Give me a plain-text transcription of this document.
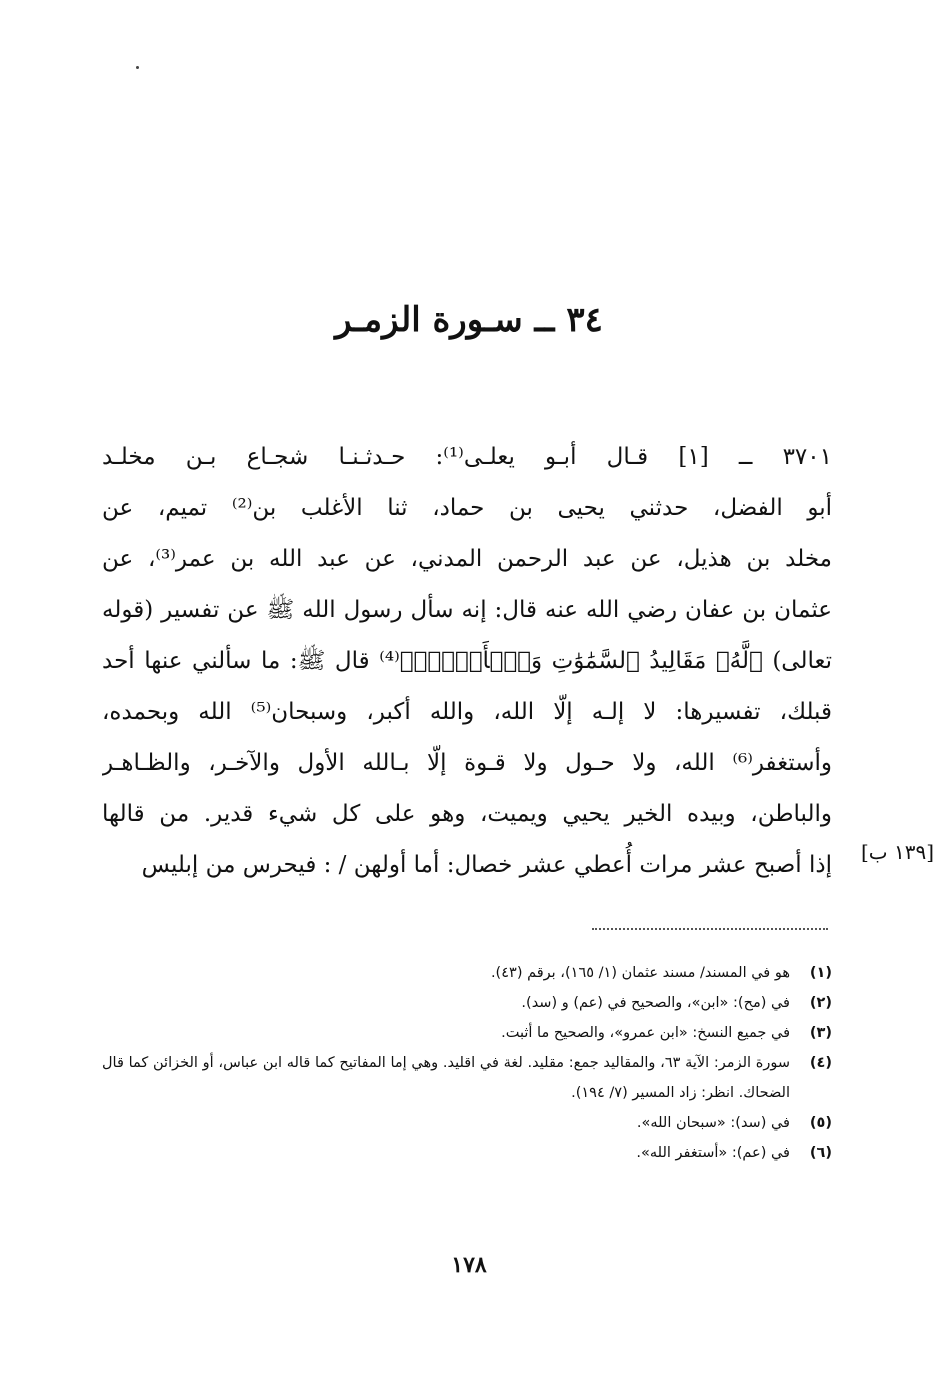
٣٤ ــ سـورة الزمـر
٣٧٠١ ــ [١] قـال أبـو يعلـى⁽¹⁾: حـدثـنـا شجـاع بـن مخلـد
أبو الفضل، حدثني يحيى بن حماد، ثنا الأغلب بن⁽²⁾ تميم، عن
مخلد بن هذيل، عن عبد الرحمن المدني، عن عبد الله بن عمر⁽³⁾، عن
عثمان بن عفان رضي الله عنه قال: إنه سأل رسول الله ﷺ عن تفسير (قوله
تعالى) ﴿لَّهُۥ مَقَالِيدُ ٱلسَّمَٰوَٰتِ وَٱلۡأَرۡضِۗ﴾⁽⁴⁾ قال ﷺ: ما سألني عنها أحد
قبلك، تفسيرها: لا إلـه إلّا الله، والله أكبر، وسبحان⁽⁵⁾ الله وبحمده،
وأستغفر⁽⁶⁾ الله، ولا حـول ولا قـوة إلّا بـالله الأول والآخـر، والظـاهـر
والباطن، وبيده الخير يحيي ويميت، وهو على كل شيء قدير. من قالها
إذا أصبح عشر مرات أُعطي عشر خصال: أما أولهن / : فيحرس من إبليس	[١٣٩ ب]
(١)
هو في المسند/ مسند عثمان (١/ ١٦٥)، برقم (٤٣).
(٢)
في (مح): «ابن»، والصحيح في (عم) و (سد).
(٣)
في جميع النسخ: «ابن عمرو»، والصحيح ما أثبت.
(٤)
سورة الزمر: الآية ٦٣، والمقاليد جمع: مقليد. لغة في اقليد. وهي إما المفاتيح كما قاله ابن عباس، أو الخزائن كما قال الضحاك. انظر: زاد المسير (٧/ ١٩٤).
(٥)
في (سد): «سبحان الله».
(٦)
في (عم): «أستغفر الله».
١٧٨
